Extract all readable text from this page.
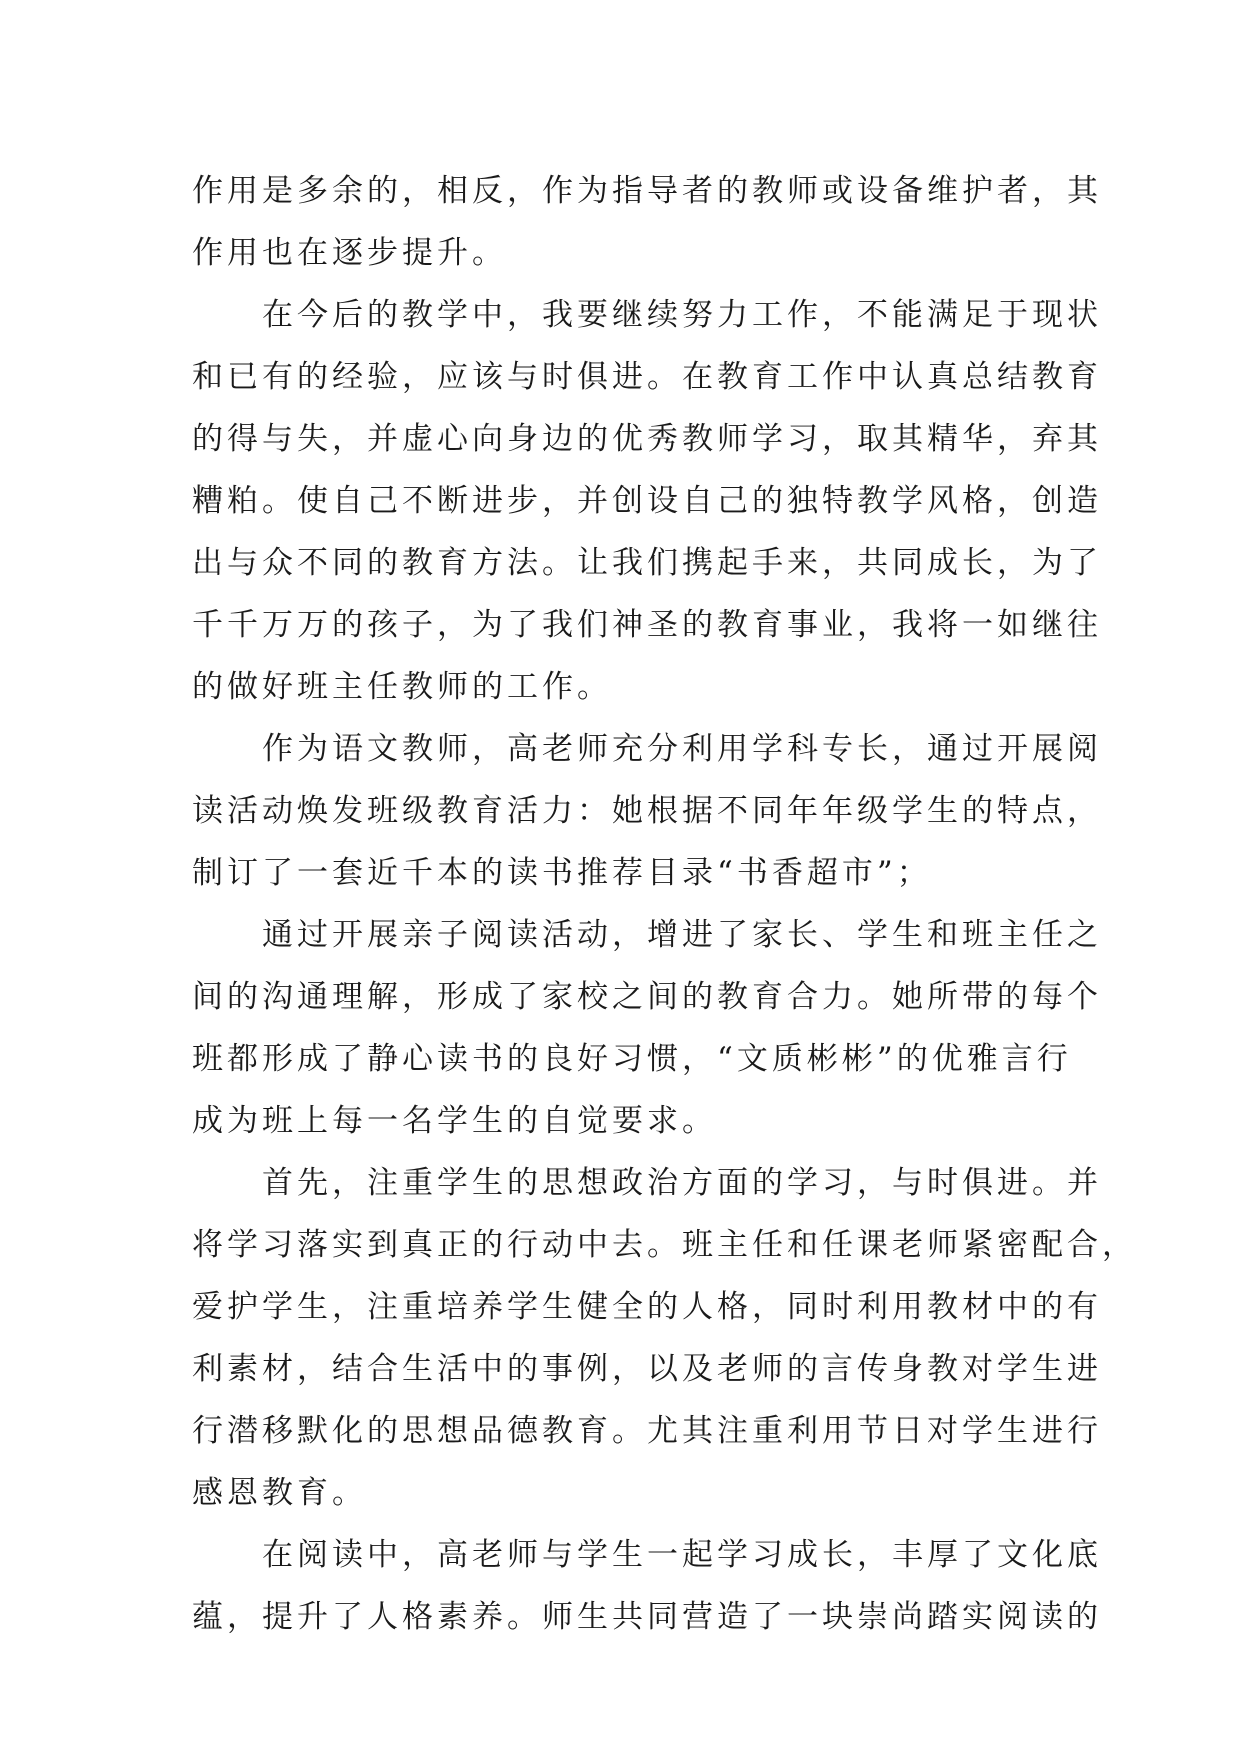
作用是多余的，相反，作为指导者的教师或设备维护者，其
作用也在逐步提升。
在今后的教学中，我要继续努力工作，不能满足于现状
和已有的经验，应该与时俱进。在教育工作中认真总结教育
的得与失，并虚心向身边的优秀教师学习，取其精华，弃其
糟粕。使自己不断进步，并创设自己的独特教学风格，创造
出与众不同的教育方法。让我们携起手来，共同成长，为了
千千万万的孩子，为了我们神圣的教育事业，我将一如继往
的做好班主任教师的工作。
作为语文教师，高老师充分利用学科专长，通过开展阅
读活动焕发班级教育活力：她根据不同年年级学生的特点，
制订了一套近千本的读书推荐目录“书香超市”；
通过开展亲子阅读活动，增进了家长、学生和班主任之
间的沟通理解，形成了家校之间的教育合力。她所带的每个
班都形成了静心读书的良好习惯，“文质彬彬”的优雅言行
成为班上每一名学生的自觉要求。
首先，注重学生的思想政治方面的学习，与时俱进。并
将学习落实到真正的行动中去。班主任和任课老师紧密配合，
爱护学生，注重培养学生健全的人格，同时利用教材中的有
利素材，结合生活中的事例，以及老师的言传身教对学生进
行潜移默化的思想品德教育。尤其注重利用节日对学生进行
感恩教育。
在阅读中，高老师与学生一起学习成长，丰厚了文化底
蕴，提升了人格素养。师生共同营造了一块崇尚踏实阅读的
